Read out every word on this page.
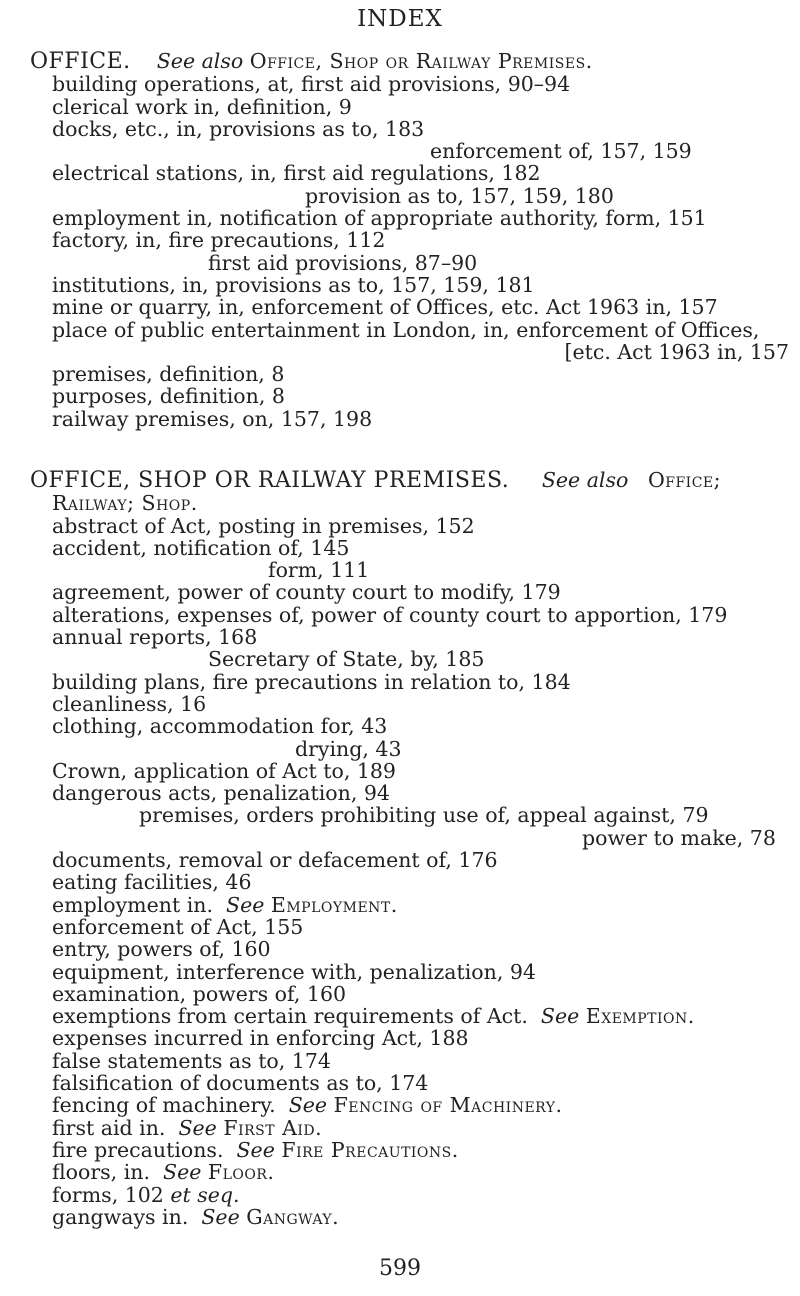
INDEX
OFFICE. See also Office, Shop or Railway Premises.
building operations, at, first aid provisions, 90–94
clerical work in, definition, 9
docks, etc., in, provisions as to, 183
enforcement of, 157, 159
electrical stations, in, first aid regulations, 182
provision as to, 157, 159, 180
employment in, notification of appropriate authority, form, 151
factory, in, fire precautions, 112
first aid provisions, 87–90
institutions, in, provisions as to, 157, 159, 181
mine or quarry, in, enforcement of Offices, etc. Act 1963 in, 157
place of public entertainment in London, in, enforcement of Offices,
[etc. Act 1963 in, 157
premises, definition, 8
purposes, definition, 8
railway premises, on, 157, 198
OFFICE, SHOP OR RAILWAY PREMISES. See also Office;
Railway; Shop.
abstract of Act, posting in premises, 152
accident, notification of, 145
form, 111
agreement, power of county court to modify, 179
alterations, expenses of, power of county court to apportion, 179
annual reports, 168
Secretary of State, by, 185
building plans, fire precautions in relation to, 184
cleanliness, 16
clothing, accommodation for, 43
drying, 43
Crown, application of Act to, 189
dangerous acts, penalization, 94
premises, orders prohibiting use of, appeal against, 79
power to make, 78
documents, removal or defacement of, 176
eating facilities, 46
employment in. See Employment.
enforcement of Act, 155
entry, powers of, 160
equipment, interference with, penalization, 94
examination, powers of, 160
exemptions from certain requirements of Act. See Exemption.
expenses incurred in enforcing Act, 188
false statements as to, 174
falsification of documents as to, 174
fencing of machinery. See Fencing of Machinery.
first aid in. See First Aid.
fire precautions. See Fire Precautions.
floors, in. See Floor.
forms, 102 et seq.
gangways in. See Gangway.
599
